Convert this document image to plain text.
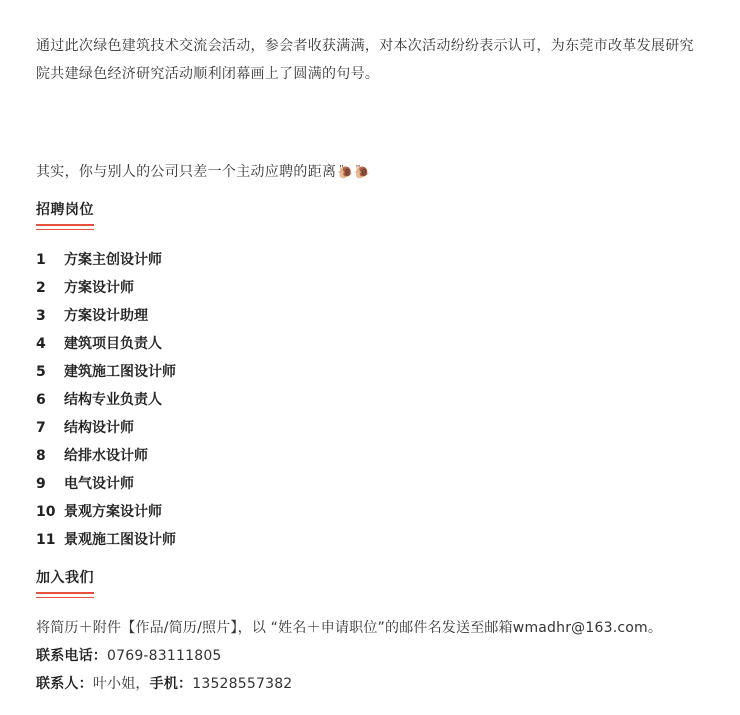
通过此次绿色建筑技术交流会活动，参会者收获满满，对本次活动纷纷表示认可，为东莞市改革发展研究
院共建绿色经济研究活动顺利闭幕画上了圆满的句号。
其实，你与别人的公司只差一个主动应聘的距离🐌🐌
招聘岗位
1	方案主创设计师
2	方案设计师
3	方案设计助理
4	建筑项目负责人
5	建筑施工图设计师
6	结构专业负责人
7	结构设计师
8	给排水设计师
9	电气设计师
10 景观方案设计师
11 景观施工图设计师
加入我们
将简历＋附件【作品/简历/照片】，以 “姓名＋申请职位”的邮件名发送至邮箱wmadhr@163.com。
联系电话：0769-83111805
联系人：叶小姐，手机：13528557382
